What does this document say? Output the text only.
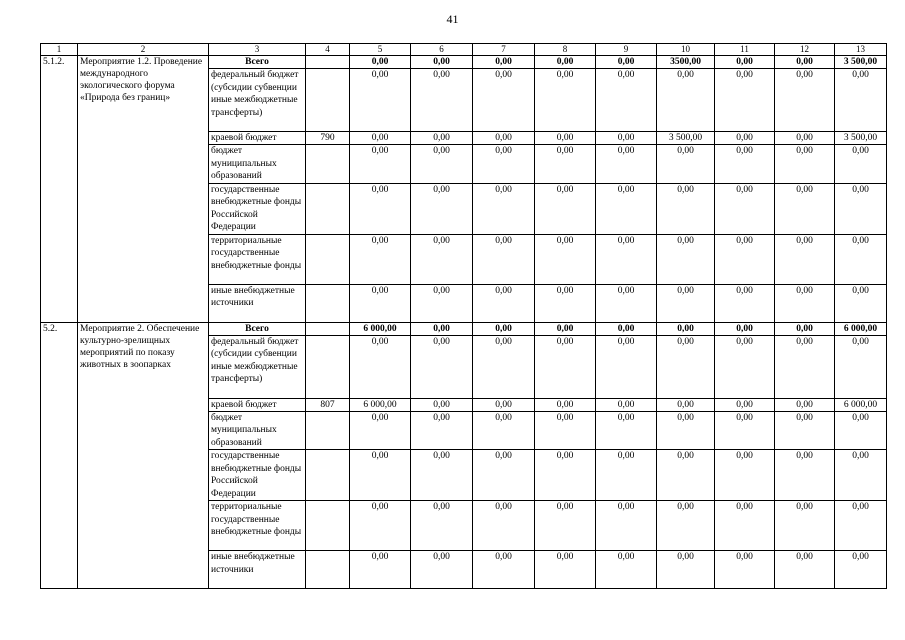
41
1	2	3	4	5	6	7	8	9	10	11	12	13
5.1.2.	Мероприятие 1.2. Проведение международного экологического форума «Природа без границ»	Всего		0,00	0,00	0,00	0,00	0,00	3500,00	0,00	0,00	3 500,00
		федеральный бюджет (субсидии субвенции иные межбюджетные трансферты)		0,00	0,00	0,00	0,00	0,00	0,00	0,00	0,00	0,00
		краевой бюджет	790	0,00	0,00	0,00	0,00	0,00	3 500,00	0,00	0,00	3 500,00
		бюджет муниципальных образований		0,00	0,00	0,00	0,00	0,00	0,00	0,00	0,00	0,00
		государственные внебюджетные фонды Российской Федерации		0,00	0,00	0,00	0,00	0,00	0,00	0,00	0,00	0,00
		территориальные государственные внебюджетные фонды		0,00	0,00	0,00	0,00	0,00	0,00	0,00	0,00	0,00
		иные внебюджетные источники		0,00	0,00	0,00	0,00	0,00	0,00	0,00	0,00	0,00
5.2.	Мероприятие 2. Обеспечение культурно-зрелищных мероприятий по показу животных в зоопарках	Всего		6 000,00	0,00	0,00	0,00	0,00	0,00	0,00	0,00	6 000,00
		федеральный бюджет (субсидии субвенции иные межбюджетные трансферты)		0,00	0,00	0,00	0,00	0,00	0,00	0,00	0,00	0,00
		краевой бюджет	807	6 000,00	0,00	0,00	0,00	0,00	0,00	0,00	0,00	6 000,00
		бюджет муниципальных образований		0,00	0,00	0,00	0,00	0,00	0,00	0,00	0,00	0,00
		государственные внебюджетные фонды Российской Федерации		0,00	0,00	0,00	0,00	0,00	0,00	0,00	0,00	0,00
		территориальные государственные внебюджетные фонды		0,00	0,00	0,00	0,00	0,00	0,00	0,00	0,00	0,00
		иные внебюджетные источники		0,00	0,00	0,00	0,00	0,00	0,00	0,00	0,00	0,00
